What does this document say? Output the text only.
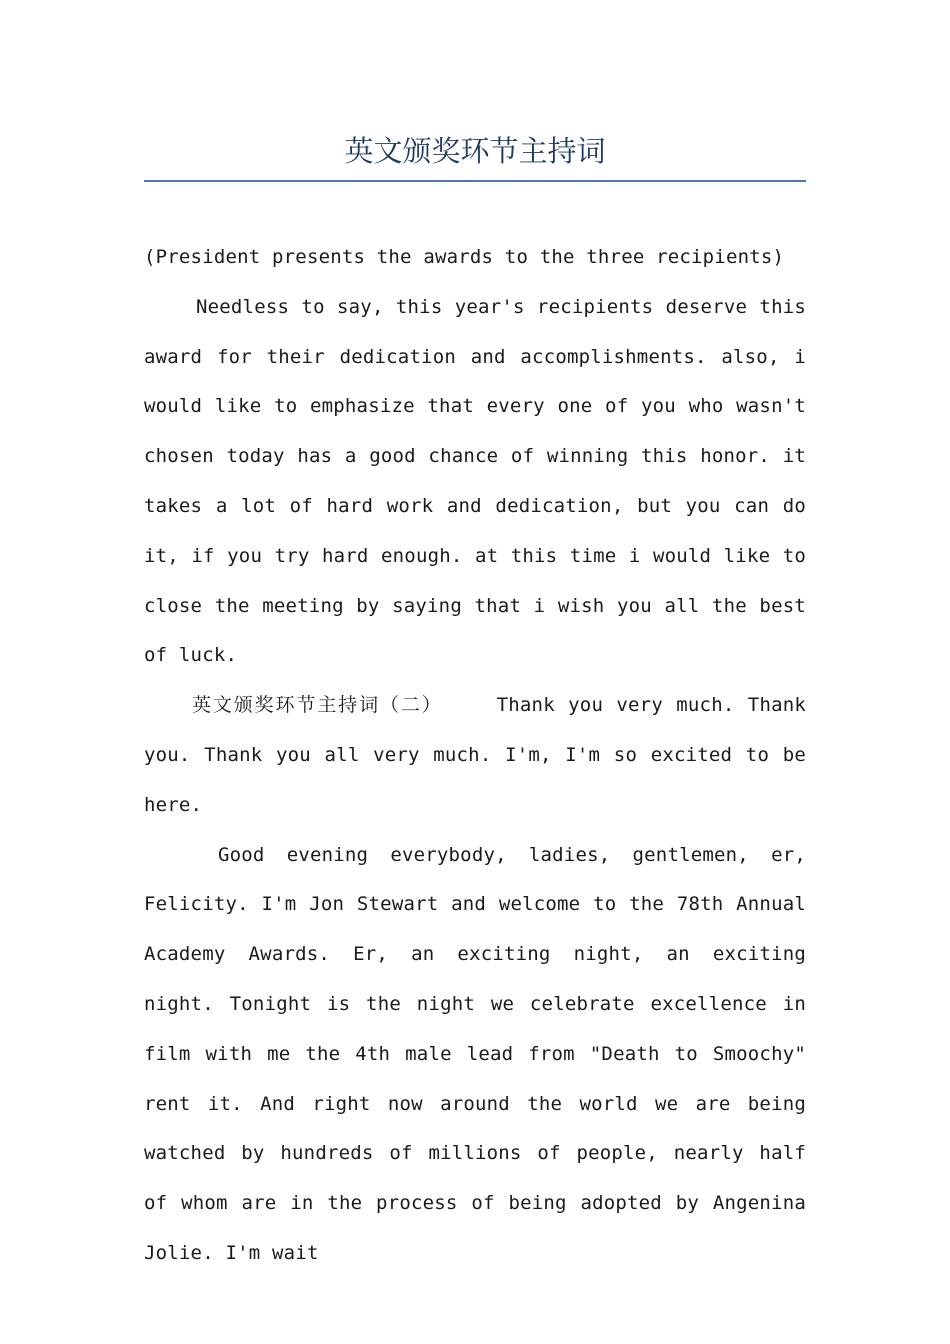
英文颁奖环节主持词

(President presents the awards to the three recipients)

Needless to say, this year's recipients deserve this award for their dedication and accomplishments. also, i would like to emphasize that every one of you who wasn't chosen today has a good chance of winning this honor. it takes a lot of hard work and dedication, but you can do it, if you try hard enough. at this time i would like to close the meeting by saying that i wish you all the best of luck.

英文颁奖环节主持词（二）	Thank you very much. Thank you. Thank you all very much. I'm, I'm so excited to be here.

Good evening everybody, ladies, gentlemen, er, Felicity. I'm Jon Stewart and welcome to the 78th Annual Academy Awards. Er, an exciting night, an exciting night. Tonight is the night we celebrate excellence in film with me the 4th male lead from "Death to Smoochy" rent it. And right now around the world we are being watched by hundreds of millions of people, nearly half of whom are in the process of being adopted by Angenina Jolie. I'm wait
